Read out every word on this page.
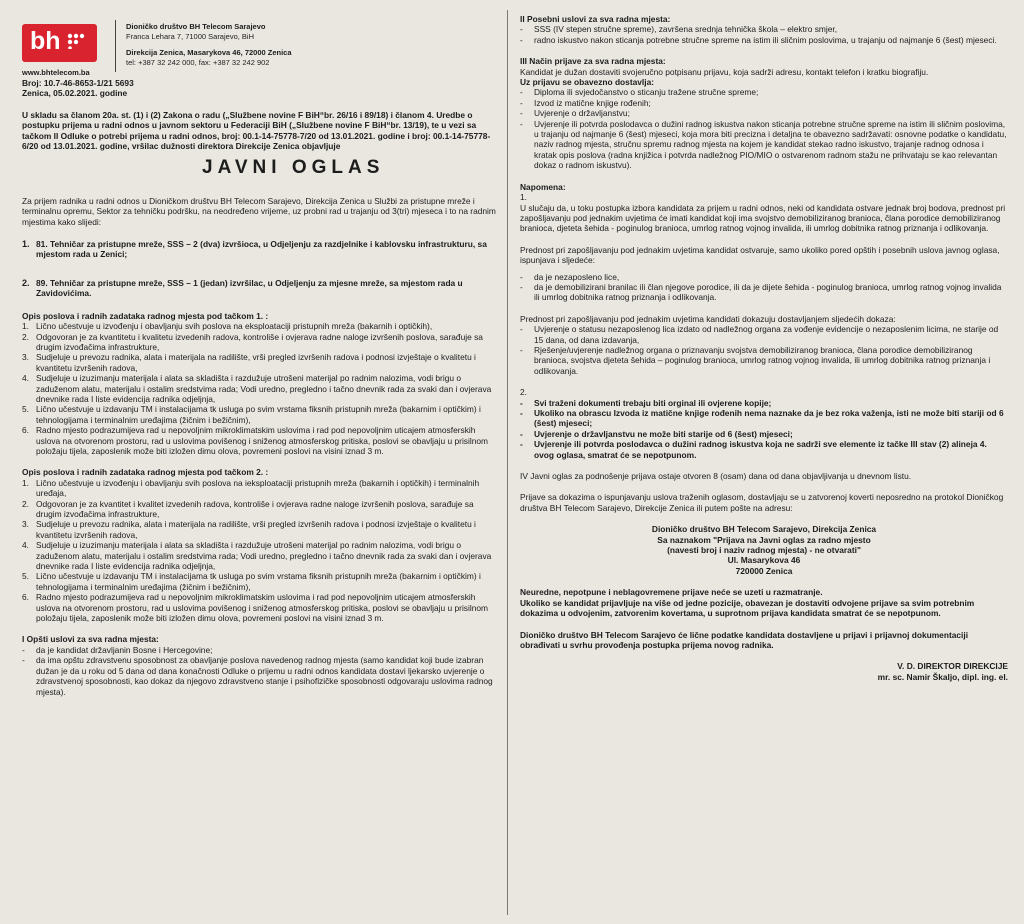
bh
www.bhtelecom.ba

Dioničko društvo BH Telecom Sarajevo

Franca Lehara 7, 71000 Sarajevo, BiH

Direkcija Zenica, Masarykova 46, 72000 Zenica

tel: +387 32 242 000, fax: +387 32 242 902

Broj: 10.7-46-8653-1/21 5693

Zenica, 05.02.2021. godine

U skladu sa članom 20a. st. (1) i (2) Zakona o radu („Službene novine F BiH“br. 26/16 i 89/18) i članom 4. Uredbe o postupku prijema u radni odnos u javnom sektoru u Federaciji BiH („Službene novine F BiH“br. 13/19), te u vezi sa tačkom II Odluke o potrebi prijema u radni odnos, broj: 00.1-14-75778-7/20 od 13.01.2021. godine i broj: 00.1-14-75778-6/20 od 13.01.2021. godine, vršilac dužnosti direktora Direkcije Zenica objavljuje

JAVNI OGLAS

Za prijem radnika u radni odnos u Dioničkom društvu BH Telecom Sarajevo, Direkcija Zenica u Službi za pristupne mreže i terminalnu opremu, Sektor za tehničku podršku, na neodređeno vrijeme, uz probni rad u trajanju od 3(tri) mjeseca i to na radnim mjestima kako slijedi:

1. 81. Tehničar za pristupne mreže, SSS – 2 (dva) izvršioca, u Odjeljenju za razdjelnike i kablovsku infrastrukturu, sa mjestom rada u Zenici;
2. 89. Tehničar za pristupne mreže, SSS – 1 (jedan) izvršilac, u Odjeljenju za mjesne mreže, sa mjestom rada u Zavidovićima.

Opis poslova i radnih zadataka radnog mjesta pod tačkom 1. :

1. Lično učestvuje u izvođenju i obavljanju svih poslova na eksploataciji pristupnih mreža (bakarnih i optičkih),
2. Odgovoran je za kvantitetu i kvalitetu izvedenih radova, kontroliše i ovjerava radne naloge izvršenih poslova, sarađuje sa drugim izvođačima infrastrukture,
3. Sudjeluje u prevozu radnika, alata i materijala na radilište, vrši pregled izvršenih radova i podnosi izvještaje o kvalitetu i kvantitetu izvršenih radova,
4. Sudjeluje u izuzimanju materijala i alata sa skladišta i razdužuje utrošeni materijal po radnim nalozima, vodi brigu o zaduženom alatu, materijalu i ostalim sredstvima rada; Vodi uredno, pregledno i tačno dnevnik rada za svaki dan i ovjerava dnevnike rada I liste evidencija radnika odjeljnja,
5. Lično učestvuje u izdavanju TM i instalacijama tk usluga po svim vrstama fiksnih pristupnih mreža (bakarnim i optičkim) i tehnologijama i terminalnim uređajima (žičnim i bežičnim),
6. Radno mjesto podrazumijeva rad u nepovoljnim mikroklimatskim uslovima i rad pod nepovoljnim uticajem atmosferskih uslova na otvorenom prostoru, rad u uslovima povišenog i sniženog atmosferskog pritiska, poslovi se obavljaju u prisilnom položaju tijela, zaposlenik može biti izložen dimu olova, povremeni poslovi na visini iznad 3 m.

Opis poslova i radnih zadataka radnog mjesta pod tačkom 2. :

1. Lično učestvuje u izvođenju i obavljanju svih poslova na ieksploataciji pristupnih mreža (bakarnih i optičkih) i terminalnih uređaja,
2. Odgovoran je za kvantitet i kvalitet izvedenih radova, kontroliše i ovjerava radne naloge izvršenih poslova, sarađuje sa drugim izvođačima infrastrukture,
3. Sudjeluje u prevozu radnika, alata i materijala na radilište, vrši pregled izvršenih radova i podnosi izvještaje o kvalitetu i kvantitetu izvršenih radova,
4. Sudjeluje u izuzimanju materijala i alata sa skladišta i razdužuje utrošeni materijal po radnim nalozima, vodi brigu o zaduženom alatu, materijalu i ostalim sredstvima rada; Vodi uredno, pregledno i tačno dnevnik rada za svaki dan i ovjerava dnevnike rada I liste evidencija radnika odjeljnja,
5. Lično učestvuje u izdavanju TM i instalacijama tk usluga po svim vrstama fiksnih pristupnih mreža (bakarnim i optičkim) i tehnologijama i terminalnim uređajima (žičnim i bežičnim),
6. Radno mjesto podrazumijeva rad u nepovoljnim mikroklimatskim uslovima i rad pod nepovoljnim uticajem atmosferskih uslova na otvorenom prostoru, rad u uslovima povišenog i sniženog atmosferskog pritiska, poslovi se obavljaju u prisilnom položaju tijela, zaposlenik može biti izložen dimu olova, povremeni poslovi na visini iznad 3 m.

I Opšti uslovi za sva radna mjesta:

-	da je kandidat državljanin Bosne i Hercegovine;
-	da ima opštu zdravstvenu sposobnost za obavljanje poslova navedenog radnog mjesta (samo kandidat koji bude izabran dužan je da u roku od 5 dana od dana konačnosti Odluke o prijemu u radni odnos kandidata dostavi ljekarsko uvjerenje o zdravstvenoj sposobnosti, kao dokaz da njegovo zdravstveno stanje i psihofizičke sposobnosti odgovaraju uslovima radnog mjesta).

II Posebni uslovi za sva radna mjesta:

-	SSS (IV stepen stručne spreme), završena srednja tehnička škola – elektro smjer,
-	radno iskustvo nakon sticanja potrebne stručne spreme na istim ili sličnim poslovima, u trajanju od najmanje 6 (šest) mjeseci.

III Način prijave za sva radna mjesta:

Kandidat je dužan dostaviti svojeručno potpisanu prijavu, koja sadrži adresu, kontakt telefon i kratku biografiju.

Uz prijavu se obavezno dostavlja:

-	Diploma ili svjedočanstvo o sticanju tražene stručne spreme;
-	Izvod iz matične knjige rođenih;
-	Uvjerenje o državljanstvu;
-	Uvjerenje ili potvrda poslodavca o dužini radnog iskustva nakon sticanja potrebne stručne spreme na istim ili sličnim poslovima, u trajanju od najmanje 6 (šest) mjeseci, koja mora biti precizna i detaljna te obavezno sadržavati: osnovne podatke o kandidatu, naziv radnog mjesta, stručnu spremu radnog mjesta na kojem je kandidat stekao radno iskustvo, trajanje radnog odnosa i kratak opis poslova (radna knjižica i potvrda nadležnog PIO/MIO o ostvarenom radnom stažu ne prihvataju se kao relevantan dokaz o radnom iskustvu).

Napomena:

1.

U slučaju da, u toku postupka izbora kandidata za prijem u radni odnos, neki od kandidata ostvare jednak broj bodova, prednost pri zapošljavanju pod jednakim uvjetima će imati kandidat koji ima svojstvo demobiliziranog branioca, člana porodice demobiliziranog branioca, djeteta šehida - poginulog branioca, umrlog ratnog vojnog invalida, ili umrlog dobitnika ratnog priznanja i odlikovanja.

Prednost pri zapošljavanju pod jednakim uvjetima kandidat ostvaruje, samo ukoliko pored opštih i posebnih uslova javnog oglasa, ispunjava i sljedeće:

-	da je nezaposleno lice,
-	da je demobilizirani branilac ili član njegove porodice, ili da je dijete šehida - poginulog branioca, umrlog ratnog vojnog invalida ili umrlog dobitnika ratnog priznanja i odlikovanja.

Prednost pri zapošljavanju pod jednakim uvjetima kandidati dokazuju dostavljanjem sljedećih dokaza:

-	Uvjerenje o statusu nezaposlenog lica izdato od nadležnog organa za vođenje evidencije o nezaposlenim licima, ne starije od 15 dana, od dana izdavanja,
-	Rješenje/uvjerenje nadležnog organa o priznavanju svojstva demobiliziranog branioca, člana porodice demobiliziranog branioca, svojstva djeteta šehida – poginulog branioca, umrlog ratnog vojnog invalida, ili umrlog dobitnika ratnog priznanja i odlikovanja.

2.

-	Svi traženi dokumenti trebaju biti orginal ili ovjerene kopije;
-	Ukoliko na obrascu Izvoda iz matične knjige rođenih nema naznake da je bez roka važenja, isti ne može biti stariji od 6 (šest) mjeseci;
-	Uvjerenje o državljanstvu ne može biti starije od 6 (šest) mjeseci;
-	Uvjerenje ili potvrda poslodavca o dužini radnog iskustva koja ne sadrži sve elemente iz tačke III stav (2) alineja 4. ovog oglasa, smatrat će se nepotpunom.

IV Javni oglas za podnošenje prijava ostaje otvoren 8 (osam) dana od dana objavljivanja u dnevnom listu.

Prijave sa dokazima o ispunjavanju uslova traženih oglasom, dostavljaju se u zatvorenoj koverti neposredno na protokol Dioničkog društva BH Telecom Sarajevo, Direkcije Zenica ili putem pošte na adresu:

Dioničko društvo BH Telecom Sarajevo, Direkcija Zenica

Sa naznakom "Prijava na Javni oglas za radno mjesto

(navesti broj i naziv radnog mjesta) - ne otvarati"

Ul. Masarykova 46

720000 Zenica

Neuredne, nepotpune i neblagovremene prijave neće se uzeti u razmatranje.

Ukoliko se kandidat prijavljuje na više od jedne pozicije, obavezan je dostaviti odvojene prijave sa svim potrebnim dokazima u odvojenim, zatvorenim kovertama, u suprotnom prijava kandidata smatrat će se nepotpunom.

Dioničko društvo BH Telecom Sarajevo će lične podatke kandidata dostavljene u prijavi i prijavnoj dokumentaciji obrađivati u svrhu provođenja postupka prijema novog radnika.

V. D. DIREKTOR DIREKCIJE

mr. sc. Namir Škaljo, dipl. ing. el.
